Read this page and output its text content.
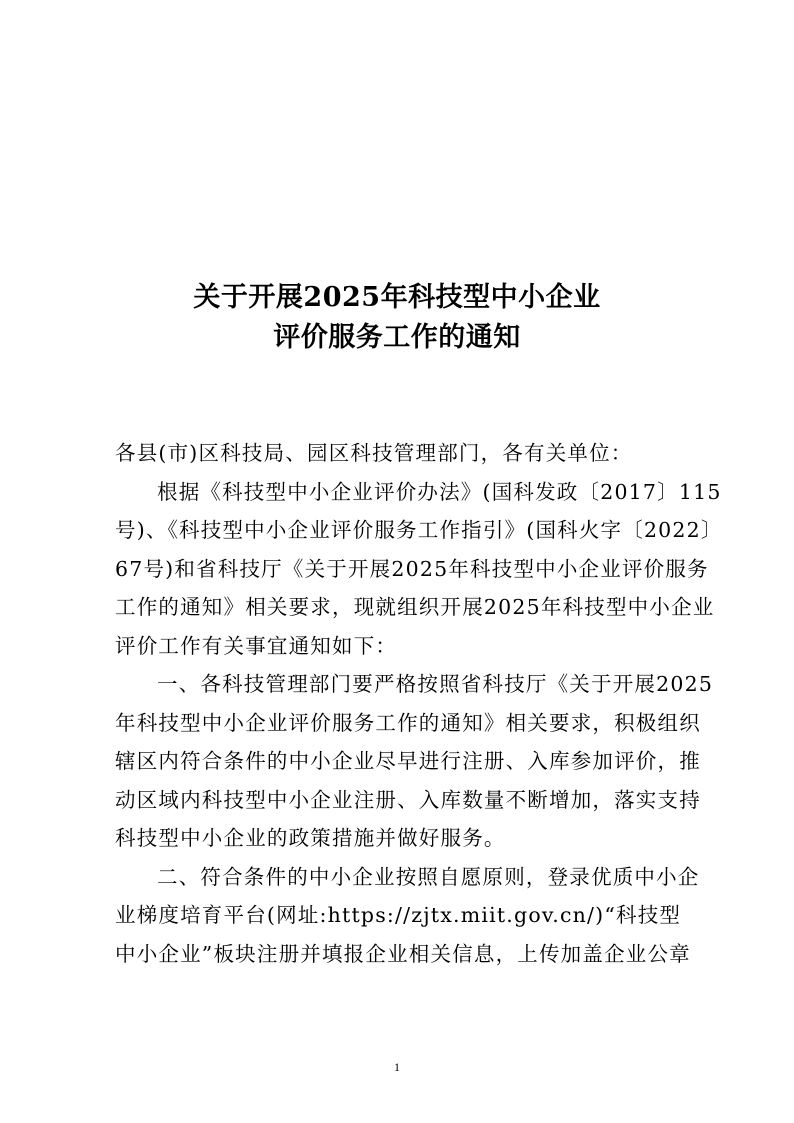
关于开展2025年科技型中小企业
评价服务工作的通知
各县(市)区科技局、园区科技管理部门，各有关单位：
根据《科技型中小企业评价办法》(国科发政〔2017〕115
号)、《科技型中小企业评价服务工作指引》(国科火字〔2022〕
67号)和省科技厅《关于开展2025年科技型中小企业评价服务
工作的通知》相关要求，现就组织开展2025年科技型中小企业
评价工作有关事宜通知如下：
一、各科技管理部门要严格按照省科技厅《关于开展2025
年科技型中小企业评价服务工作的通知》相关要求，积极组织
辖区内符合条件的中小企业尽早进行注册、入库参加评价，推
动区域内科技型中小企业注册、入库数量不断增加，落实支持
科技型中小企业的政策措施并做好服务。
二、符合条件的中小企业按照自愿原则，登录优质中小企
业梯度培育平台(网址:https://zjtx.miit.gov.cn/)“科技型
中小企业”板块注册并填报企业相关信息，上传加盖企业公章
1
